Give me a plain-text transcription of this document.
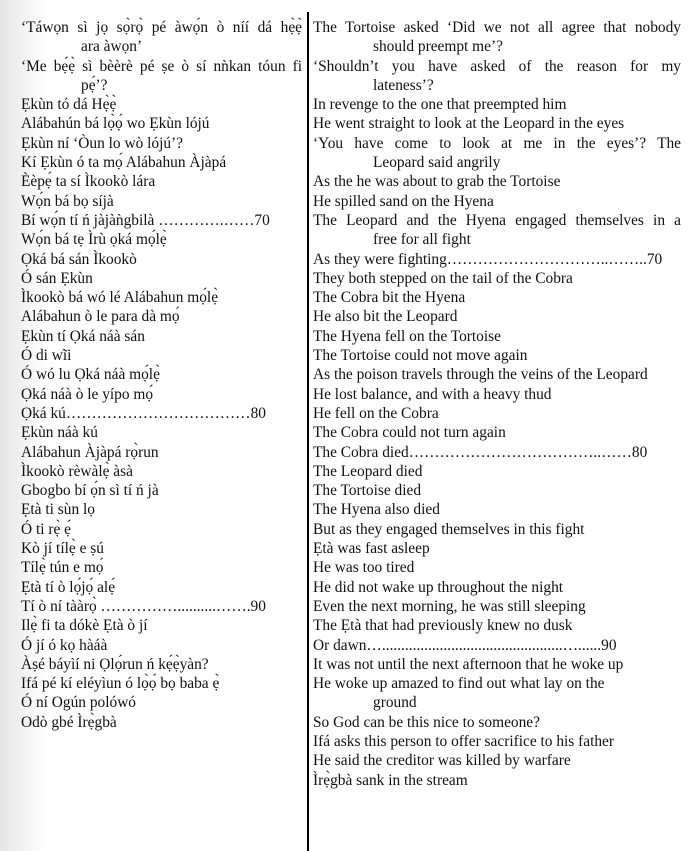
‘Táwọn sì jọ sọ̀rọ̀ pé àwọ́n ò níí dá hẹ̀ẹ̀
ara àwọn’
‘Me bẹ́ẹ̀ sì bèèrè pé ṣe ò sí nǹkan tóun fi
pẹ́’?
Ẹkùn tó dá Hẹ̀ẹ̀
Alábahún bá lọ̀ọ́ wo Ẹkùn lójú
Ẹkùn ní ‘Òun lo wò lójú’?
Kí Ẹkùn ó ta mọ́ Alábahun Àjàpá
Èèpẹ́ ta sí Ìkookò lára
Wọ́n bá bọ síjà
Bí wọ́n tí ń jàjàǹgbilà ………….……70
Wọ́n bá tẹ Ìrù ọká mọ́lẹ̀
Ọká bá sán Ìkookò
Ó sán Ẹkùn
Ìkookò bá wó lé Alábahun mọ́lẹ̀
Alábahun ò le para dà mọ́
Ẹkùn tí Ọká náà sán
Ó di wĩi
Ó wó lu Ọká náà mọ́lẹ̀
Ọká náà ò le yípo mọ́
Ọká kú………………………………80
Ẹkùn náà kú
Alábahun Àjàpá rọ̀run
Ìkookò rèwàlẹ̀ àsà
Gbogbo bí ọ́n sì tí ń jà
Ẹtà ti sùn lọ
Ó ti rẹ̀ ẹ́
Kò jí tílẹ̀ e ṣú
Tílẹ̀ tún e mọ́
Ẹtà tí ò lọ́jọ́ alẹ́
Tí ò ní tààrọ̀ ……………..........…….90
Ilẹ̀ fi ta dókè Ẹtà ò jí
Ó jí ó kọ hàáà
Àṣé báyìí ni Ọlọ́run ń kẹ́ẹ̀yàn?
Ifá pé kí eléyìun ó lọ̀ọ́ bọ baba ẹ̀
Ó ní Ogún polówó
Odò gbé Ìrẹ̀gbà
The Tortoise asked ‘Did we not all agree that nobody
should preempt me’?
‘Shouldn’t you have asked of the reason for my
lateness’?
In revenge to the one that preempted him
He went straight to look at the Leopard in the eyes
‘You have come to look at me in the eyes’? The
Leopard said angrily
As the he was about to grab the Tortoise
He spilled sand on the Hyena
The Leopard and the Hyena engaged themselves in a
free for all fight
As they were fighting…………………………..……..70
They both stepped on the tail of the Cobra
The Cobra bit the Hyena
He also bit the Leopard
The Hyena fell on the Tortoise
The Tortoise could not move again
As the poison travels through the veins of the Leopard
He lost balance, and with a heavy thud
He fell on the Cobra
The Cobra could not turn again
The Cobra died………………………………..……80
The Leopard died
The Tortoise died
The Hyena also died
But as they engaged themselves in this fight
Ẹtà was fast asleep
He was too tired
He did not wake up throughout the night
Even the next morning, he was still sleeping
The Ẹtà that had previously knew no dusk
Or dawn…...............................................…......90
It was not until the next afternoon that he woke up
He woke up amazed to find out what lay on the
ground
So God can be this nice to someone?
Ifá asks this person to offer sacrifice to his father
He said the creditor was killed by warfare
Ìrẹ̀gbà sank in the stream
